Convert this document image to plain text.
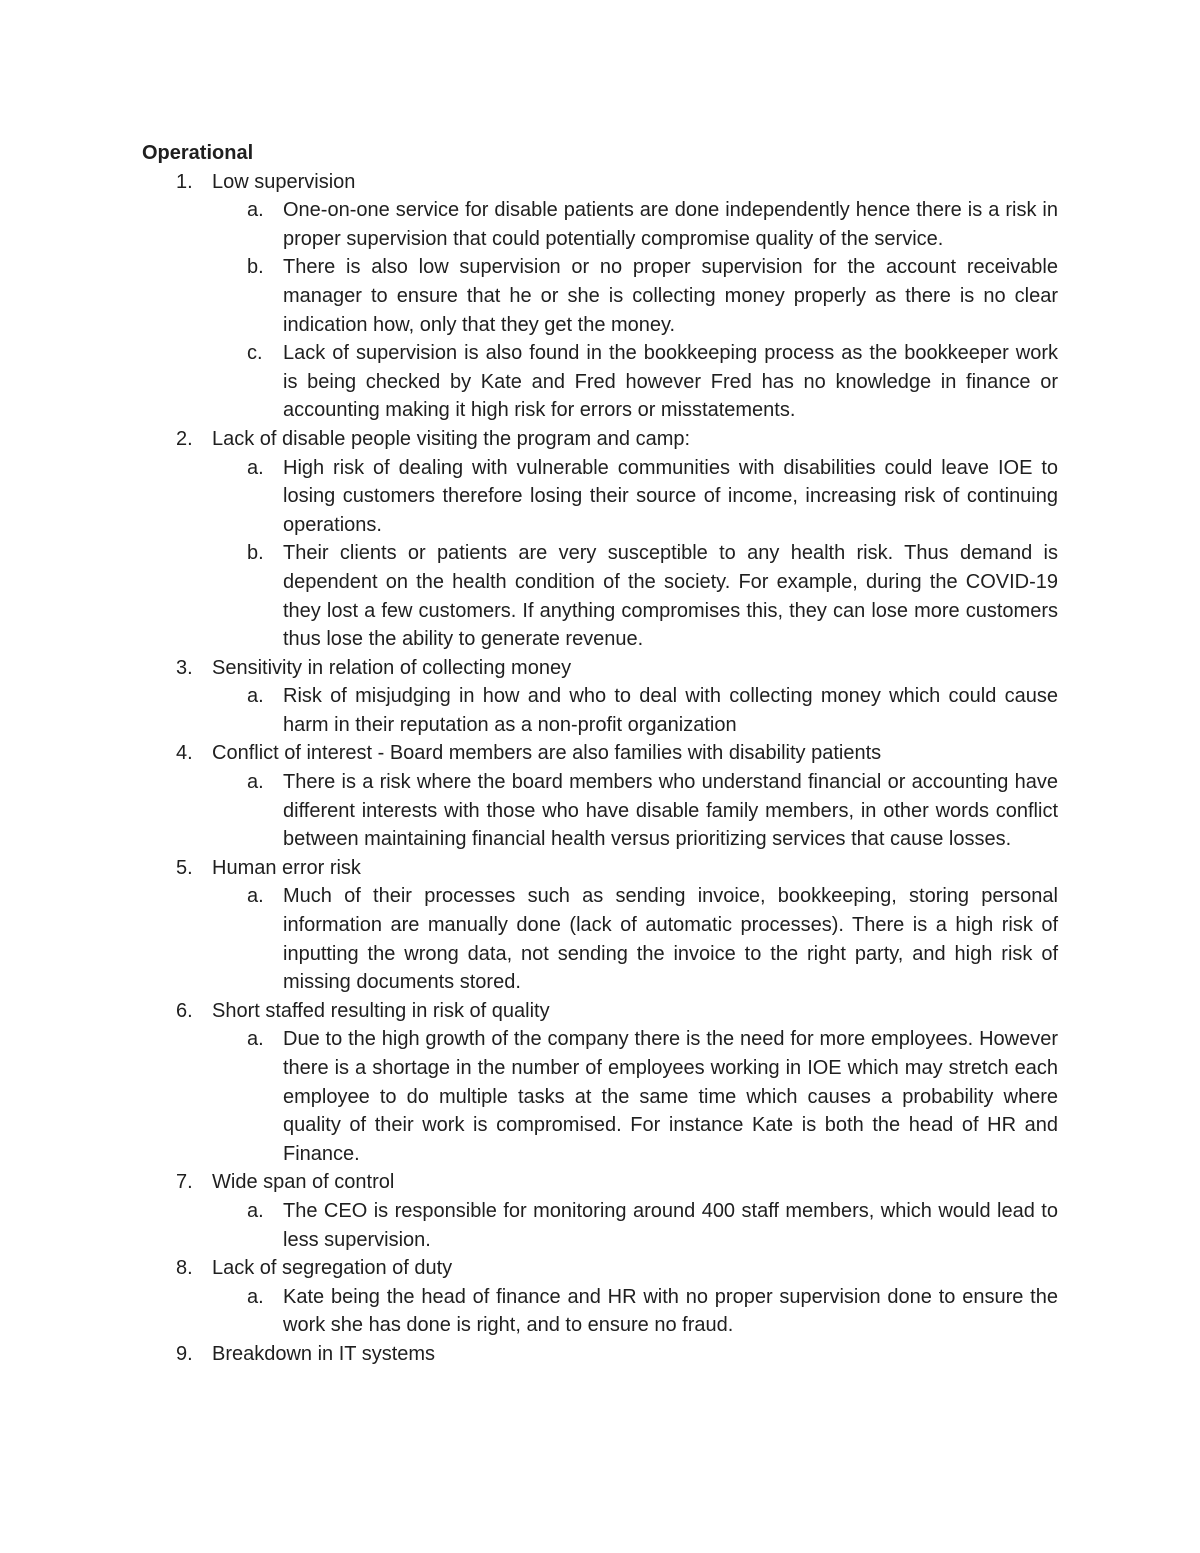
Operational
1. Low supervision
a. One-on-one service for disable patients are done independently hence there is a risk in proper supervision that could potentially compromise quality of the service.
b. There is also low supervision or no proper supervision for the account receivable manager to ensure that he or she is collecting money properly as there is no clear indication how, only that they get the money.
c. Lack of supervision is also found in the bookkeeping process as the bookkeeper work is being checked by Kate and Fred however Fred has no knowledge in finance or accounting making it high risk for errors or misstatements.
2. Lack of disable people visiting the program and camp:
a. High risk of dealing with vulnerable communities with disabilities could leave IOE to losing customers therefore losing their source of income, increasing risk of continuing operations.
b. Their clients or patients are very susceptible to any health risk. Thus demand is dependent on the health condition of the society. For example, during the COVID-19 they lost a few customers. If anything compromises this, they can lose more customers thus lose the ability to generate revenue.
3. Sensitivity in relation of collecting money
a. Risk of misjudging in how and who to deal with collecting money which could cause harm in their reputation as a non-profit organization
4. Conflict of interest - Board members are also families with disability patients
a. There is a risk where the board members who understand financial or accounting have different interests with those who have disable family members, in other words conflict between maintaining financial health versus prioritizing services that cause losses.
5. Human error risk
a. Much of their processes such as sending invoice, bookkeeping, storing personal information are manually done (lack of automatic processes). There is a high risk of inputting the wrong data, not sending the invoice to the right party, and high risk of missing documents stored.
6. Short staffed resulting in risk of quality
a. Due to the high growth of the company there is the need for more employees. However there is a shortage in the number of employees working in IOE which may stretch each employee to do multiple tasks at the same time which causes a probability where quality of their work is compromised. For instance Kate is both the head of HR and Finance.
7. Wide span of control
a. The CEO is responsible for monitoring around 400 staff members, which would lead to less supervision.
8. Lack of segregation of duty
a. Kate being the head of finance and HR with no proper supervision done to ensure the work she has done is right, and to ensure no fraud.
9. Breakdown in IT systems
